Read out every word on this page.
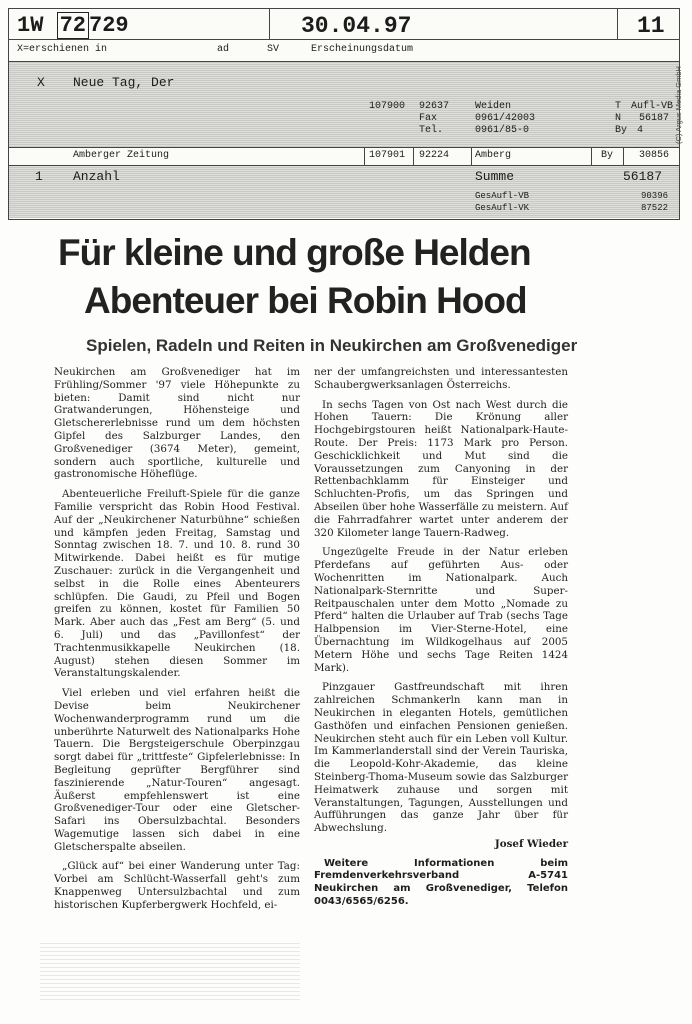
1W 72 729	30.04.97	11
X=erschienen in	ad	SV	Erscheinungsdatum
X Neue Tag, Der
107900 92637	Weiden	T Aufl-VB
Fax	0961/42003	N 56187
Tel.	0961/85-0	By 4
Amberger Zeitung	107901 92224	Amberg	By	30856
1 Anzahl	Summe	56187
GesAufl-VB	90396
GesAufl-VK	87522
(C) Argus Media GmbH
Für kleine und große Helden
Abenteuer bei Robin Hood
Spielen, Radeln und Reiten in Neukirchen am Großvenediger

Neukirchen am Großvenediger hat im Frühling/Sommer '97 viele Höhepunkte zu bieten: Damit sind nicht nur Gratwanderungen, Höhensteige und Gletschererlebnisse rund um dem höchsten Gipfel des Salzburger Landes, den Großvenediger (3674 Meter), gemeint, sondern auch sportliche, kulturelle und gastronomische Höheflüge.

Abenteuerliche Freiluft-Spiele für die ganze Familie verspricht das Robin Hood Festival. Auf der „Neukirchener Naturbühne“ schießen und kämpfen jeden Freitag, Samstag und Sonntag zwischen 18. 7. und 10. 8. rund 30 Mitwirkende. Dabei heißt es für mutige Zuschauer: zurück in die Vergangenheit und selbst in die Rolle eines Abenteurers schlüpfen. Die Gaudi, zu Pfeil und Bogen greifen zu können, kostet für Familien 50 Mark. Aber auch das „Fest am Berg“ (5. und 6. Juli) und das „Pavillonfest“ der Trachtenmusikkapelle Neukirchen (18. August) stehen diesen Sommer im Veranstaltungskalender.

Viel erleben und viel erfahren heißt die Devise beim Neukirchener Wochenwanderprogramm rund um die unberührte Naturwelt des Nationalparks Hohe Tauern. Die Bergsteigerschule Oberpinzgau sorgt dabei für „trittfeste“ Gipfelerlebnisse: In Begleitung geprüfter Bergführer sind faszinierende „Natur-Touren“ angesagt. Äußerst empfehlenswert ist eine Großvenediger-Tour oder eine Gletscher-Safari ins Obersulzbachtal. Besonders Wagemutige lassen sich dabei in eine Gletscherspalte abseilen.

„Glück auf“ bei einer Wanderung unter Tag: Vorbei am Schlücht-Wasserfall geht's zum Knappenweg Untersulzbachtal und zum historischen Kupferbergwerk Hochfeld, ei-

ner der umfangreichsten und interessantesten Schaubergwerksanlagen Österreichs.

In sechs Tagen von Ost nach West durch die Hohen Tauern: Die Krönung aller Hochgebirgstouren heißt Nationalpark-Haute-Route. Der Preis: 1173 Mark pro Person. Geschicklichkeit und Mut sind die Voraussetzungen zum Canyoning in der Rettenbachklamm für Einsteiger und Schluchten-Profis, um das Springen und Abseilen über hohe Wasserfälle zu meistern. Auf die Fahrradfahrer wartet unter anderem der 320 Kilometer lange Tauern-Radweg.

Ungezügelte Freude in der Natur erleben Pferdefans auf geführten Aus- oder Wochenritten im Nationalpark. Auch Nationalpark-Sternritte und Super-Reitpauschalen unter dem Motto „Nomade zu Pferd“ halten die Urlauber auf Trab (sechs Tage Halbpension im Vier-Sterne-Hotel, eine Übernachtung im Wildkogelhaus auf 2005 Metern Höhe und sechs Tage Reiten 1424 Mark).

Pinzgauer Gastfreundschaft mit ihren zahlreichen Schmankerln kann man in Neukirchen in eleganten Hotels, gemütlichen Gasthöfen und einfachen Pensionen genießen. Neukirchen steht auch für ein Leben voll Kultur. Im Kammerlanderstall sind der Verein Tauriska, die Leopold-Kohr-Akademie, das kleine Steinberg-Thoma-Museum sowie das Salzburger Heimatwerk zuhause und sorgen mit Veranstaltungen, Tagungen, Ausstellungen und Aufführungen das ganze Jahr über für Abwechslung.

Josef Wieder

Weitere Informationen beim Fremdenverkehrsverband A-5741 Neukirchen am Großvenediger, Telefon 0043/6565/6256.
